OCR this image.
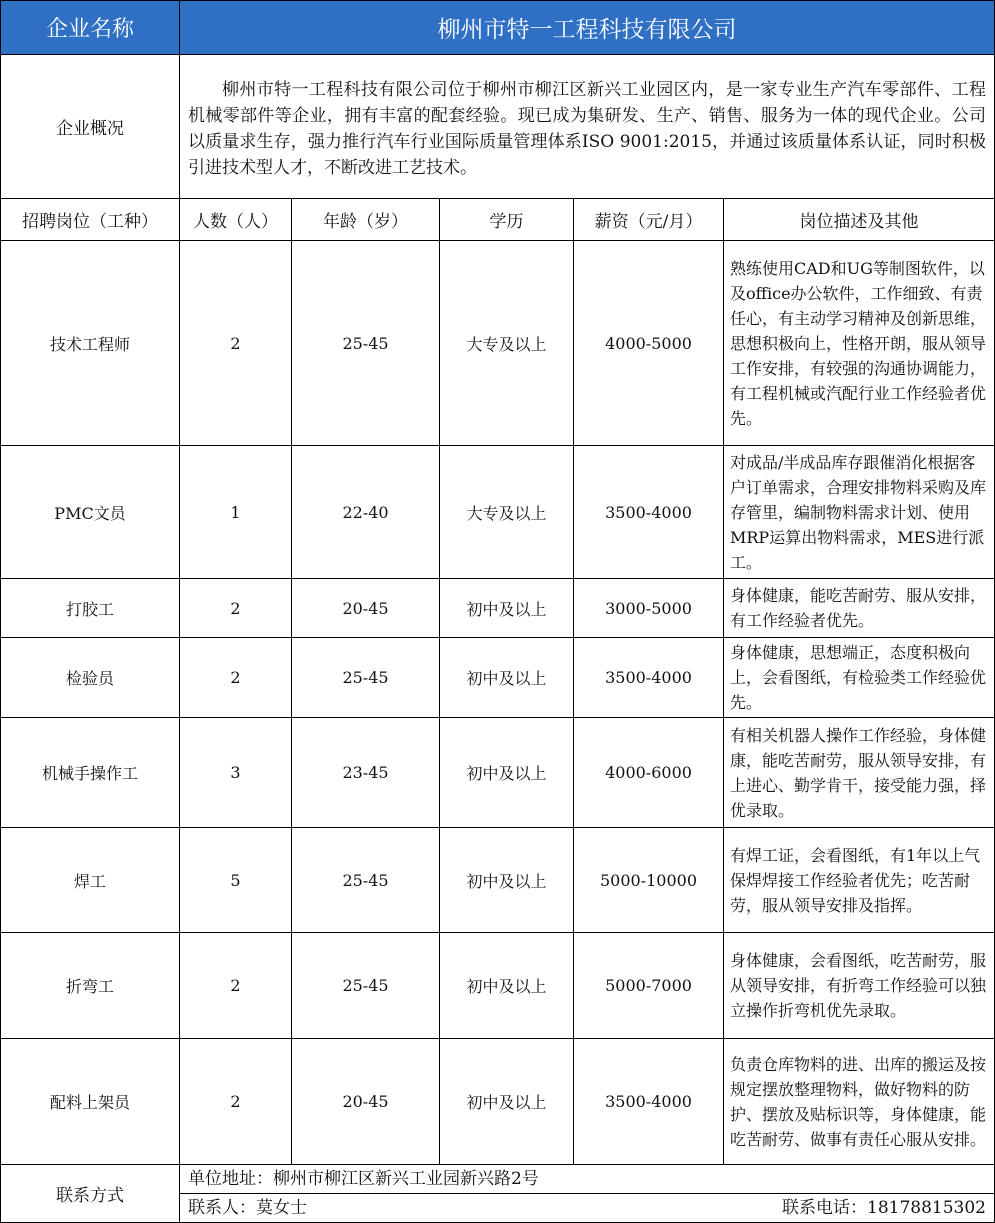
企业名称	柳州市特一工程科技有限公司				
企业概况	柳州市特一工程科技有限公司位于柳州市柳江区新兴工业园区内，是一家专业生产汽车零部件、工程机械零部件等企业，拥有丰富的配套经验。现已成为集研发、生产、销售、服务为一体的现代企业。公司以质量求生存，强力推行汽车行业国际质量管理体系ISO 9001:2015，并通过该质量体系认证，同时积极引进技术型人才，不断改进工艺技术。				
招聘岗位（工种）	人数（人）	年龄（岁）	学历	薪资（元/月）	岗位描述及其他
技术工程师	2	25-45	大专及以上	4000-5000	熟练使用CAD和UG等制图软件，以及office办公软件，工作细致、有责任心，有主动学习精神及创新思维，思想积极向上，性格开朗，服从领导工作安排，有较强的沟通协调能力，有工程机械或汽配行业工作经验者优先。
PMC文员	1	22-40	大专及以上	3500-4000	对成品/半成品库存跟催消化根据客户订单需求，合理安排物料采购及库存管里，编制物料需求计划、使用MRP运算出物料需求，MES进行派工。
打胶工	2	20-45	初中及以上	3000-5000	身体健康，能吃苦耐劳、服从安排，有工作经验者优先。
检验员	2	25-45	初中及以上	3500-4000	身体健康，思想端正，态度积极向上，会看图纸，有检验类工作经验优先。
机械手操作工	3	23-45	初中及以上	4000-6000	有相关机器人操作工作经验，身体健康，能吃苦耐劳，服从领导安排，有上进心、勤学肯干，接受能力强，择优录取。
焊工	5	25-45	初中及以上	5000-10000	有焊工证，会看图纸，有1年以上气保焊焊接工作经验者优先；吃苦耐劳，服从领导安排及指挥。
折弯工	2	25-45	初中及以上	5000-7000	身体健康，会看图纸，吃苦耐劳，服从领导安排，有折弯工作经验可以独立操作折弯机优先录取。
配料上架员	2	20-45	初中及以上	3500-4000	负责仓库物料的进、出库的搬运及按规定摆放整理物料，做好物料的防护、摆放及贴标识等，身体健康，能吃苦耐劳、做事有责任心服从安排。
联系方式	单位地址：柳州市柳江区新兴工业园新兴路2号				

	联系人：莫女士 联系电话：18178815302				
